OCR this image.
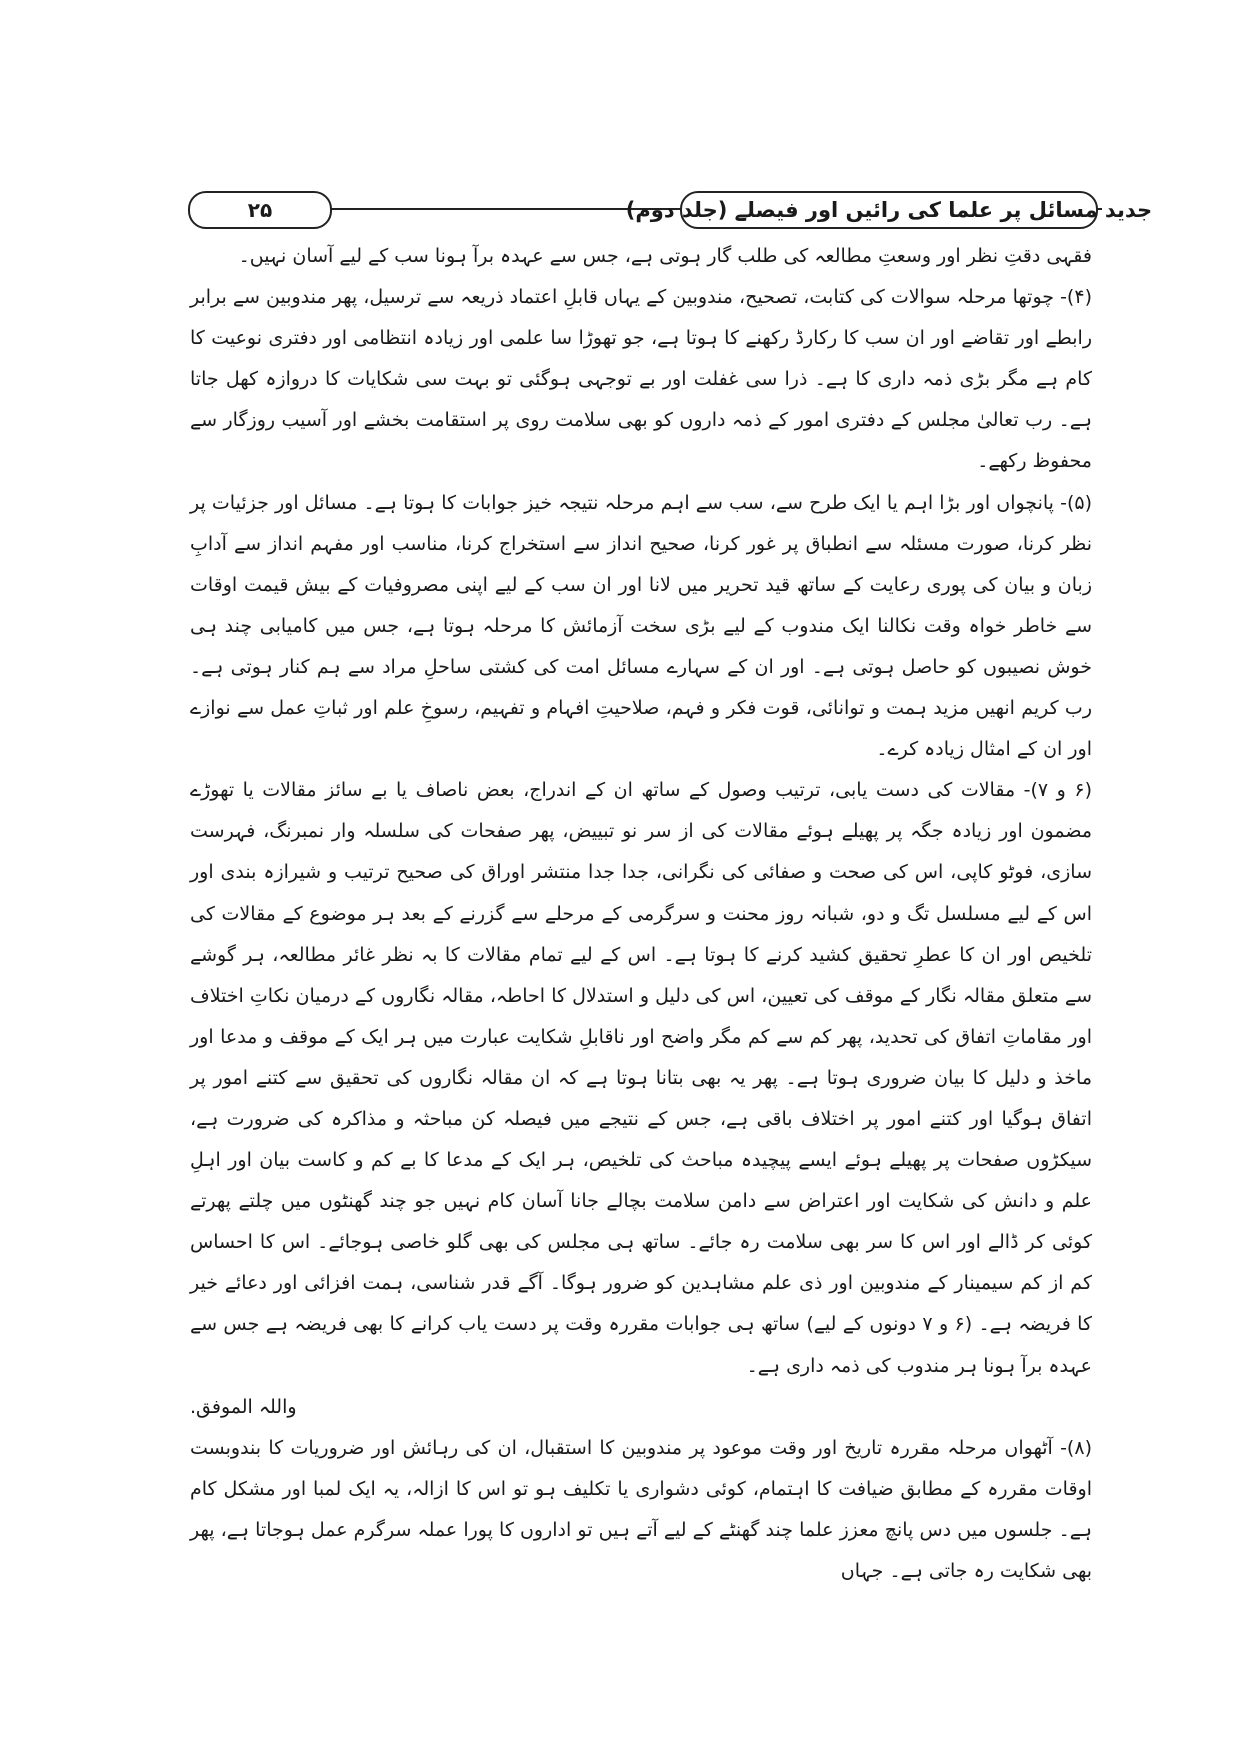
جدید مسائل پر علما کی رائیں اور فیصلے (جلد دوم)
۲۵

فقہی دقتِ نظر اور وسعتِ مطالعہ کی طلب گار ہوتی ہے، جس سے عہدہ برآ ہونا سب کے لیے آسان نہیں۔

(۴)- چوتھا مرحلہ سوالات کی کتابت، تصحیح، مندوبین کے یہاں قابلِ اعتماد ذریعہ سے ترسیل، پھر مندوبین سے برابر رابطے اور تقاضے اور ان سب کا رکارڈ رکھنے کا ہوتا ہے، جو تھوڑا سا علمی اور زیادہ انتظامی اور دفتری نوعیت کا کام ہے مگر بڑی ذمہ داری کا ہے۔ ذرا سی غفلت اور بے توجہی ہوگئی تو بہت سی شکایات کا دروازہ کھل جاتا ہے۔ رب تعالیٰ مجلس کے دفتری امور کے ذمہ داروں کو بھی سلامت روی پر استقامت بخشے اور آسیب روزگار سے محفوظ رکھے۔

(۵)- پانچواں اور بڑا اہم یا ایک طرح سے، سب سے اہم مرحلہ نتیجہ خیز جوابات کا ہوتا ہے۔ مسائل اور جزئیات پر نظر کرنا، صورت مسئلہ سے انطباق پر غور کرنا، صحیح انداز سے استخراج کرنا، مناسب اور مفہم انداز سے آدابِ زبان و بیان کی پوری رعایت کے ساتھ قید تحریر میں لانا اور ان سب کے لیے اپنی مصروفیات کے بیش قیمت اوقات سے خاطر خواہ وقت نکالنا ایک مندوب کے لیے بڑی سخت آزمائش کا مرحلہ ہوتا ہے، جس میں کامیابی چند ہی خوش نصیبوں کو حاصل ہوتی ہے۔ اور ان کے سہارے مسائل امت کی کشتی ساحلِ مراد سے ہم کنار ہوتی ہے۔ رب کریم انھیں مزید ہمت و توانائی، قوت فکر و فہم، صلاحیتِ افہام و تفہیم، رسوخِ علم اور ثباتِ عمل سے نوازے اور ان کے امثال زیادہ کرے۔

(۶ و ۷)- مقالات کی دست یابی، ترتیب وصول کے ساتھ ان کے اندراج، بعض ناصاف یا بے سائز مقالات یا تھوڑے مضمون اور زیادہ جگہ پر پھیلے ہوئے مقالات کی از سر نو تبییض، پھر صفحات کی سلسلہ وار نمبرنگ، فہرست سازی، فوٹو کاپی، اس کی صحت و صفائی کی نگرانی، جدا جدا منتشر اوراق کی صحیح ترتیب و شیرازہ بندی اور اس کے لیے مسلسل تگ و دو، شبانہ روز محنت و سرگرمی کے مرحلے سے گزرنے کے بعد ہر موضوع کے مقالات کی تلخیص اور ان کا عطرِ تحقیق کشید کرنے کا ہوتا ہے۔ اس کے لیے تمام مقالات کا بہ نظر غائر مطالعہ، ہر گوشے سے متعلق مقالہ نگار کے موقف کی تعیین، اس کی دلیل و استدلال کا احاطہ، مقالہ نگاروں کے درمیان نکاتِ اختلاف اور مقاماتِ اتفاق کی تحدید، پھر کم سے کم مگر واضح اور ناقابلِ شکایت عبارت میں ہر ایک کے موقف و مدعا اور ماخذ و دلیل کا بیان ضروری ہوتا ہے۔ پھر یہ بھی بتانا ہوتا ہے کہ ان مقالہ نگاروں کی تحقیق سے کتنے امور پر اتفاق ہوگیا اور کتنے امور پر اختلاف باقی ہے، جس کے نتیجے میں فیصلہ کن مباحثہ و مذاکرہ کی ضرورت ہے، سیکڑوں صفحات پر پھیلے ہوئے ایسے پیچیدہ مباحث کی تلخیص، ہر ایک کے مدعا کا بے کم و کاست بیان اور اہلِ علم و دانش کی شکایت اور اعتراض سے دامن سلامت بچالے جانا آسان کام نہیں جو چند گھنٹوں میں چلتے پھرتے کوئی کر ڈالے اور اس کا سر بھی سلامت رہ جائے۔ ساتھ ہی مجلس کی بھی گلو خاصی ہوجائے۔ اس کا احساس کم از کم سیمینار کے مندوبین اور ذی علم مشاہدین کو ضرور ہوگا۔ آگے قدر شناسی، ہمت افزائی اور دعائے خیر کا فریضہ ہے۔ (۶ و ۷ دونوں کے لیے) ساتھ ہی جوابات مقررہ وقت پر دست یاب کرانے کا بھی فریضہ ہے جس سے عہدہ برآ ہونا ہر مندوب کی ذمہ داری ہے۔

واللہ الموفق.

(۸)- آٹھواں مرحلہ مقررہ تاریخ اور وقت موعود پر مندوبین کا استقبال، ان کی رہائش اور ضروریات کا بندوبست اوقات مقررہ کے مطابق ضیافت کا اہتمام، کوئی دشواری یا تکلیف ہو تو اس کا ازالہ، یہ ایک لمبا اور مشکل کام ہے۔ جلسوں میں دس پانچ معزز علما چند گھنٹے کے لیے آتے ہیں تو اداروں کا پورا عملہ سرگرم عمل ہوجاتا ہے، پھر بھی شکایت رہ جاتی ہے۔ جہاں
